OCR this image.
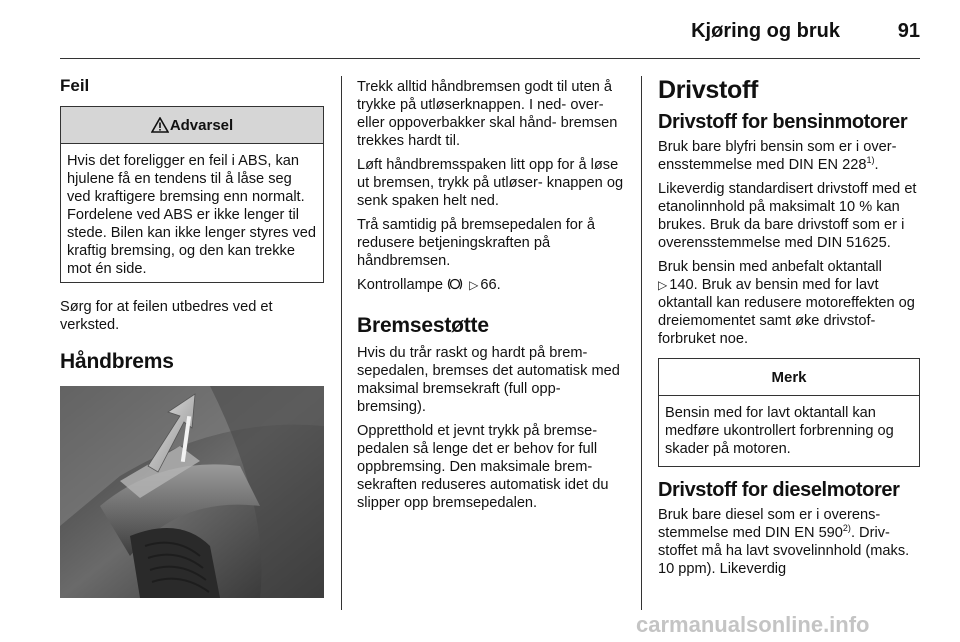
Kjøring og bruk	91
Feil
Advarsel

Hvis det foreligger en feil i ABS, kan hjulene få en tendens til å låse seg ved kraftigere bremsing enn normalt. Fordelene ved ABS er ikke lenger til stede. Bilen kan ikke lenger styres ved kraftig bremsing, og den kan trekke mot én side.

Sørg for at feilen utbedres ved et verksted.

Håndbrems

Trekk alltid håndbremsen godt til uten å trykke på utløserknappen. I ned- over- eller oppoverbakker skal hånd- bremsen trekkes hardt til.

Løft håndbremsspaken litt opp for å løse ut bremsen, trykk på utløser- knappen og senk spaken helt ned.

Trå samtidig på bremsepedalen for å redusere betjeningskraften på håndbremsen.

Kontrollampe ▷ 66.

Bremsestøtte

Hvis du trår raskt og hardt på brem- sepedalen, bremses det automatisk med maksimal bremsekraft (full opp- bremsing).

Oppretthold et jevnt trykk på bremse- pedalen så lenge det er behov for full oppbremsing. Den maksimale brem- sekraften reduseres automatisk idet du slipper opp bremsepedalen.

Drivstoff
Drivstoff for bensinmotorer

Bruk bare blyfri bensin som er i over- ensstemmelse med DIN EN 228$^{1)}$.

Likeverdig standardisert drivstoff med et etanolinnhold på maksimalt 10 % kan brukes. Bruk da bare drivstoff som er i overensstemmelse med DIN 51625.

Bruk bensin med anbefalt oktantall
▷ 140. Bruk av bensin med for lavt oktantall kan redusere motoreffekten og dreiemomentet samt øke drivstof- forbruket noe.

Merk

Bensin med for lavt oktantall kan medføre ukontrollert forbrenning og skader på motoren.

Drivstoff for dieselmotorer

Bruk bare diesel som er i overens- stemmelse med DIN EN 590$^{2)}$. Driv- stoffet må ha lavt svovelinnhold (maks. 10 ppm). Likeverdig

carmanualsonline.info
